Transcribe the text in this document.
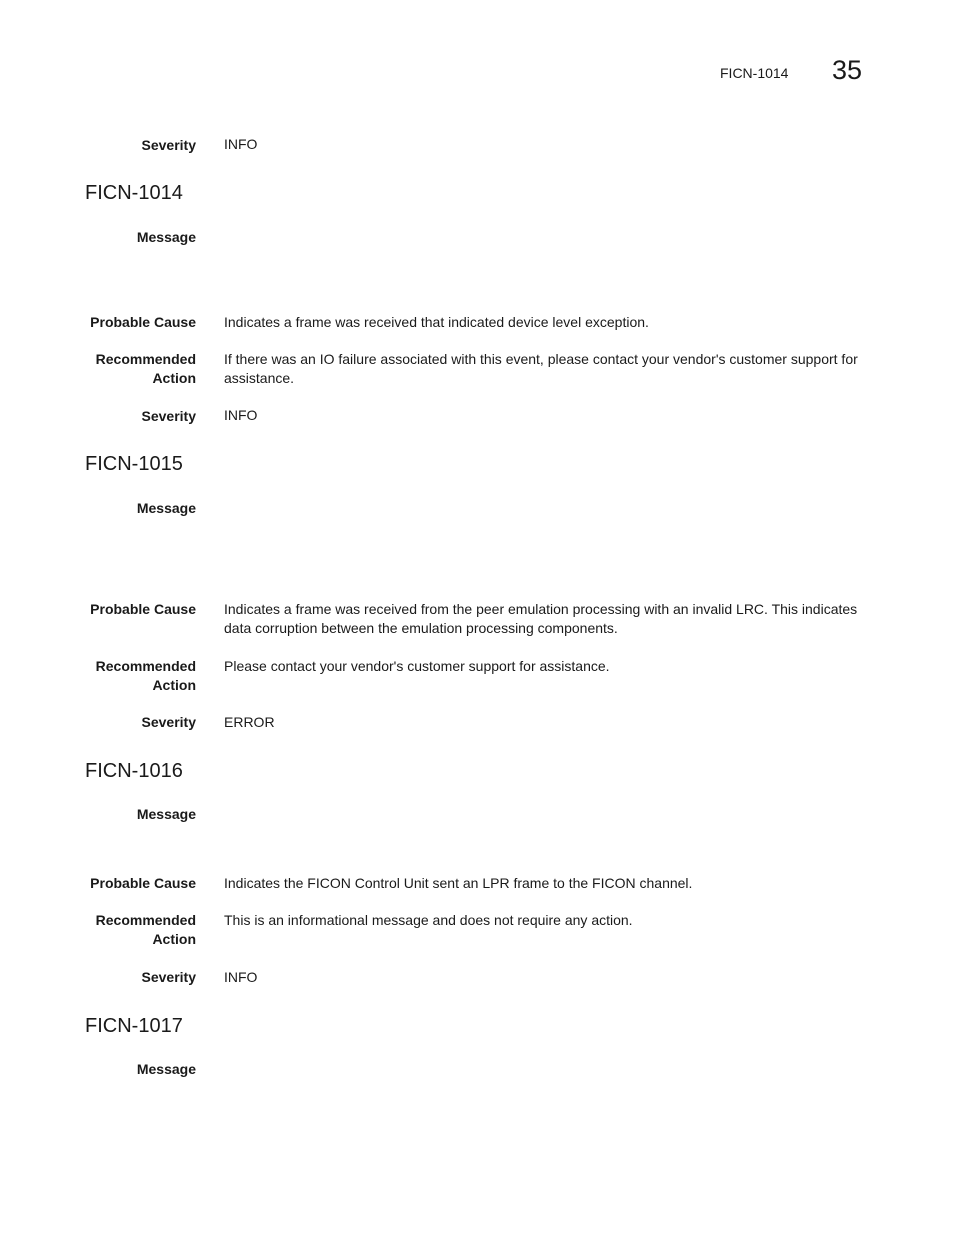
FICN-1014 35
Severity INFO
FICN-1014
Message
Probable Cause Indicates a frame was received that indicated device level exception.
Recommended Action
If there was an IO failure associated with this event, please contact your vendor's customer support for assistance.
Severity INFO
FICN-1015
Message
Probable Cause Indicates a frame was received from the peer emulation processing with an invalid LRC. This indicates data corruption between the emulation processing components.
Recommended Action
Please contact your vendor's customer support for assistance.
Severity ERROR
FICN-1016
Message
Probable Cause Indicates the FICON Control Unit sent an LPR frame to the FICON channel.
Recommended Action
This is an informational message and does not require any action.
Severity INFO
FICN-1017
Message
